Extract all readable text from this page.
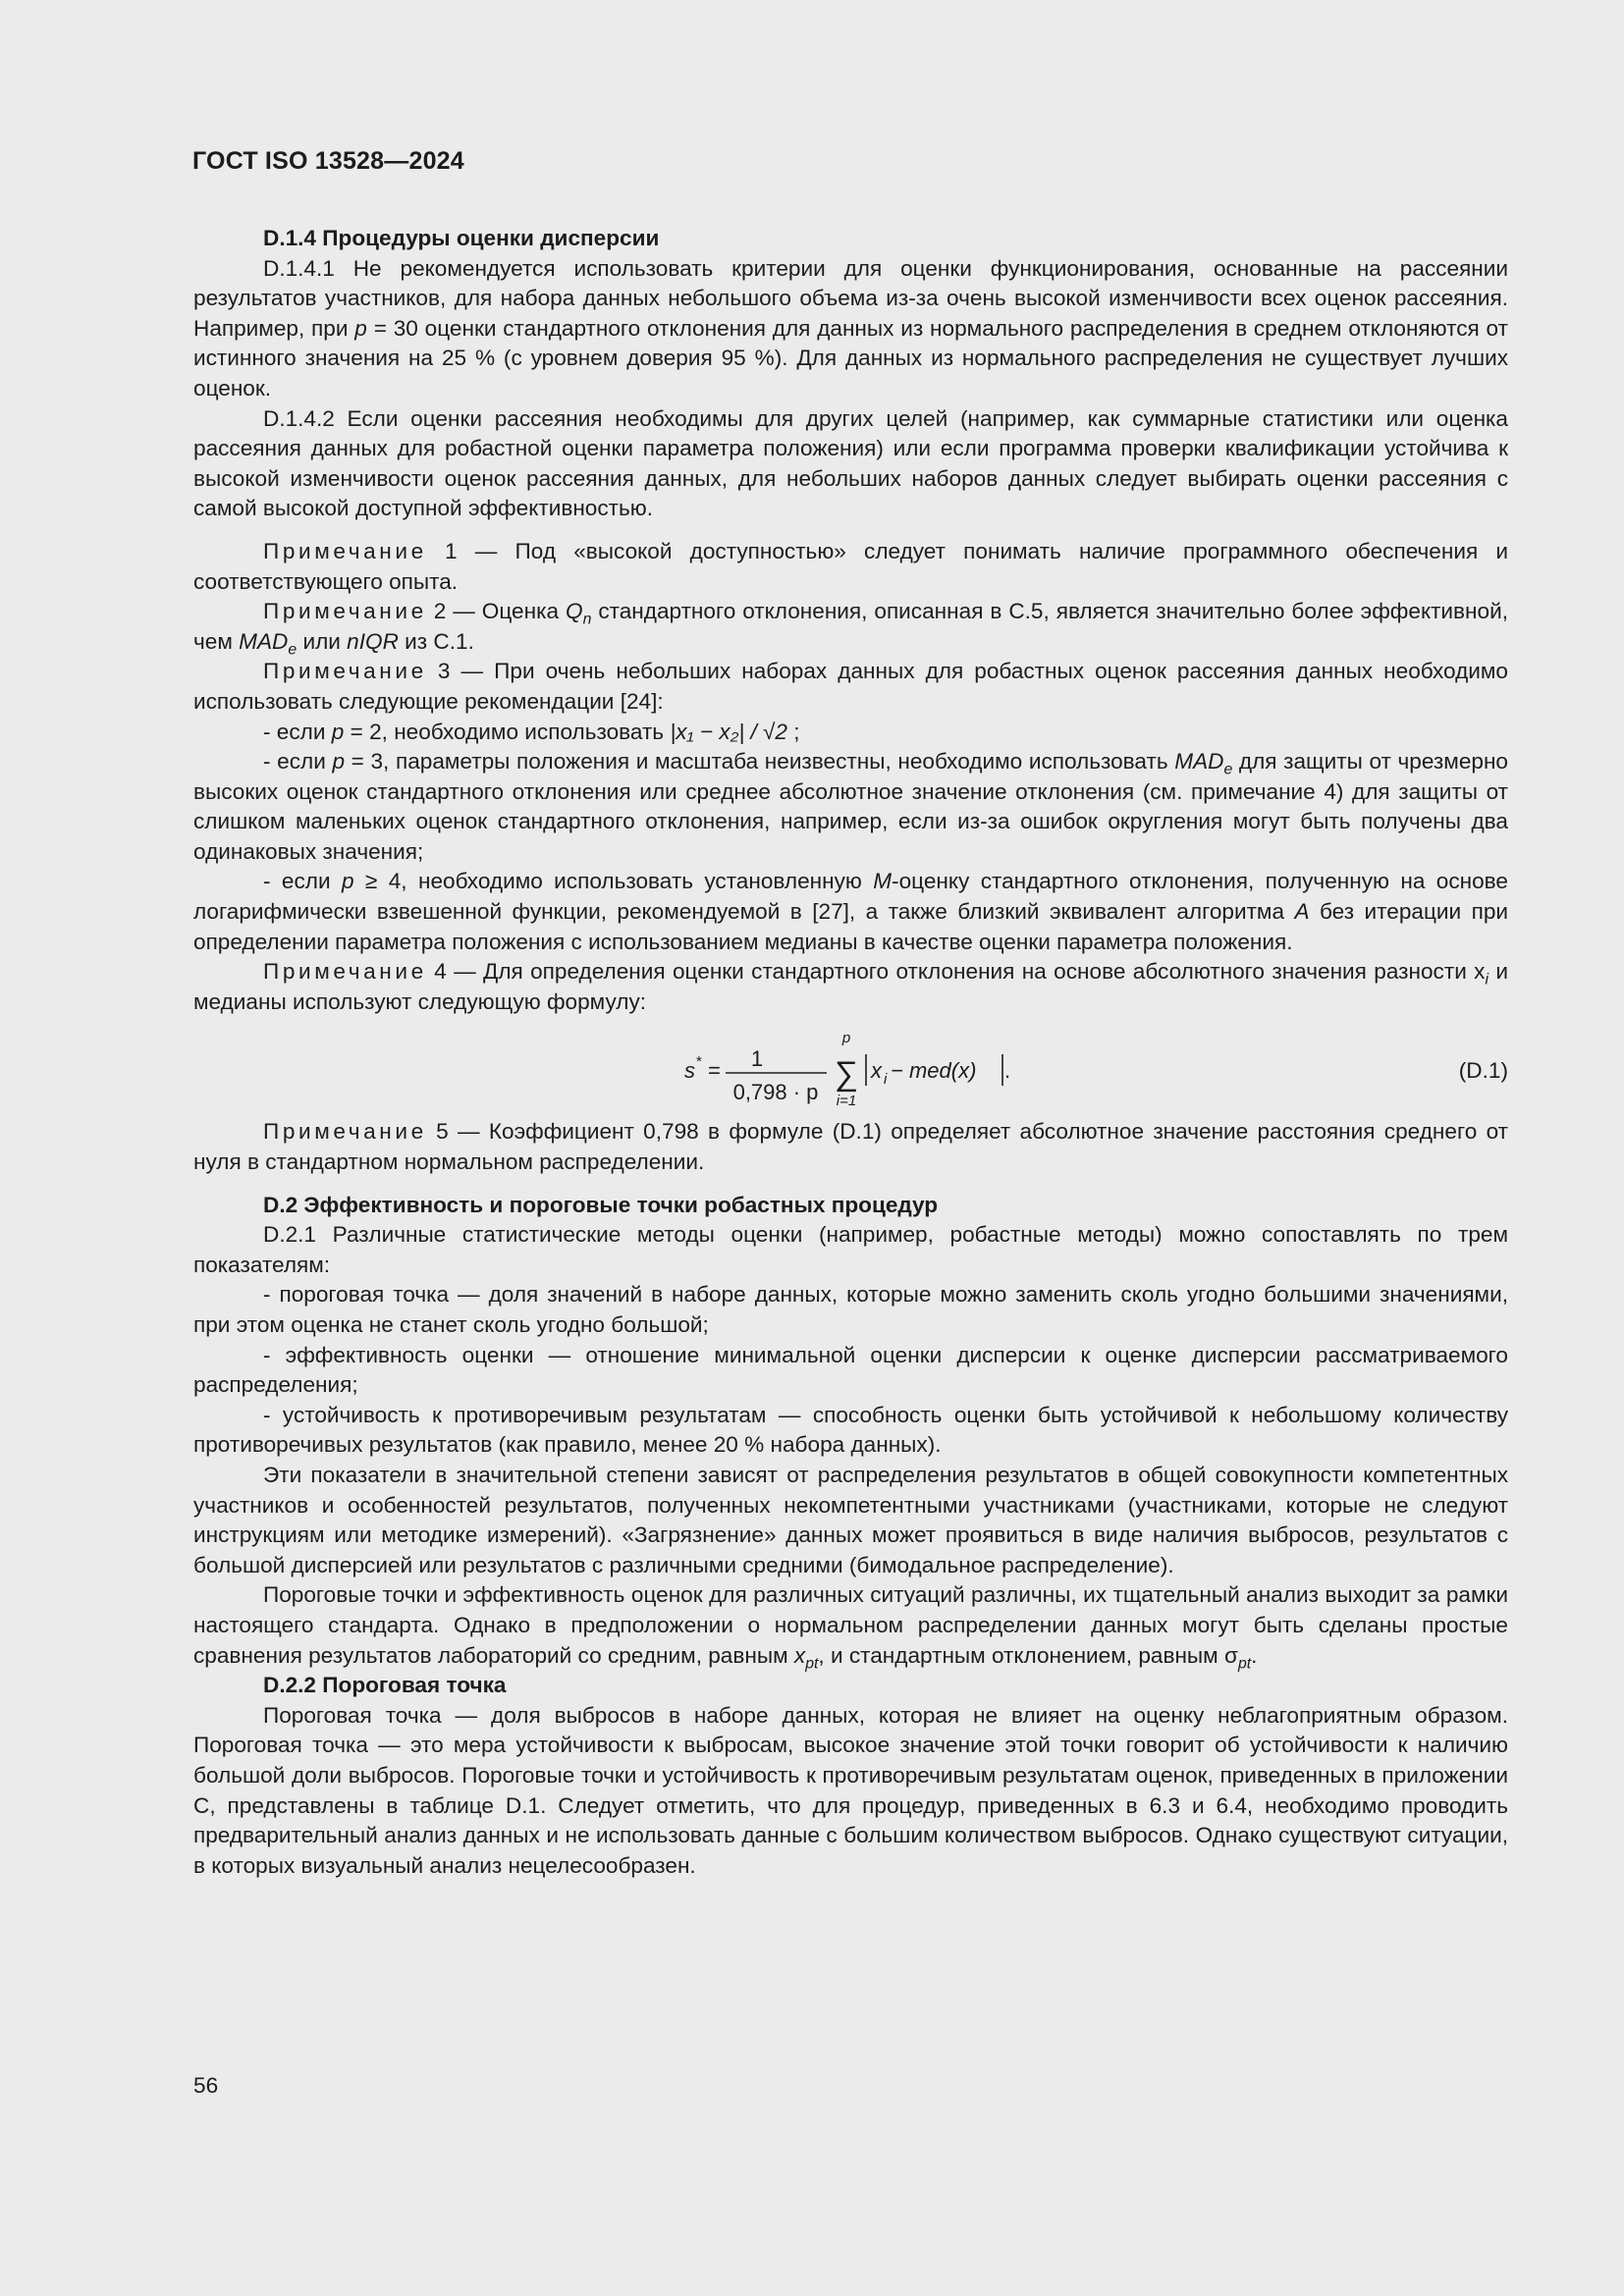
ГОСТ ISO 13528—2024

D.1.4 Процедуры оценки дисперсии

D.1.4.1 Не рекомендуется использовать критерии для оценки функционирования, основанные на рассеянии результатов участников, для набора данных небольшого объема из-за очень высокой изменчивости всех оценок рассеяния. Например, при p = 30 оценки стандартного отклонения для данных из нормального распределения в среднем отклоняются от истинного значения на 25 % (с уровнем доверия 95 %). Для данных из нормального распределения не существует лучших оценок.

D.1.4.2 Если оценки рассеяния необходимы для других целей (например, как суммарные статистики или оценка рассеяния данных для робастной оценки параметра положения) или если программа проверки квалификации устойчива к высокой изменчивости оценок рассеяния данных, для небольших наборов данных следует выбирать оценки рассеяния с самой высокой доступной эффективностью.

Примечание 1 — Под «высокой доступностью» следует понимать наличие программного обеспечения и соответствующего опыта.

Примечание 2 — Оценка $Q_n$ стандартного отклонения, описанная в C.5, является значительно более эффективной, чем $MAD_e$ или nIQR из C.1.

Примечание 3 — При очень небольших наборах данных для робастных оценок рассеяния данных необходимо использовать следующие рекомендации [24]:

- если p = 2, необходимо использовать |x₁ − x₂| / √2 ;

- если p = 3, параметры положения и масштаба неизвестны, необходимо использовать $MAD_e$ для защиты от чрезмерно высоких оценок стандартного отклонения или среднее абсолютное значение отклонения (см. примечание 4) для защиты от слишком маленьких оценок стандартного отклонения, например, если из-за ошибок округления могут быть получены два одинаковых значения;

- если p ≥ 4, необходимо использовать установленную M-оценку стандартного отклонения, полученную на основе логарифмически взвешенной функции, рекомендуемой в [27], а также близкий эквивалент алгоритма A без итерации при определении параметра положения с использованием медианы в качестве оценки параметра положения.

Примечание 4 — Для определения оценки стандартного отклонения на основе абсолютного значения разности $x_i$ и медианы используют следующую формулу:

s * = 1
0,798 · p
p
∑
i=1
x i − med(x) .	(D.1)

Примечание 5 — Коэффициент 0,798 в формуле (D.1) определяет абсолютное значение расстояния среднего от нуля в стандартном нормальном распределении.

D.2 Эффективность и пороговые точки робастных процедур

D.2.1 Различные статистические методы оценки (например, робастные методы) можно сопоставлять по трем показателям:

- пороговая точка — доля значений в наборе данных, которые можно заменить сколь угодно большими значениями, при этом оценка не станет сколь угодно большой;

- эффективность оценки — отношение минимальной оценки дисперсии к оценке дисперсии рассматриваемого распределения;

- устойчивость к противоречивым результатам — способность оценки быть устойчивой к небольшому количеству противоречивых результатов (как правило, менее 20 % набора данных).

Эти показатели в значительной степени зависят от распределения результатов в общей совокупности компетентных участников и особенностей результатов, полученных некомпетентными участниками (участниками, которые не следуют инструкциям или методике измерений). «Загрязнение» данных может проявиться в виде наличия выбросов, результатов с большой дисперсией или результатов с различными средними (бимодальное распределение).

Пороговые точки и эффективность оценок для различных ситуаций различны, их тщательный анализ выходит за рамки настоящего стандарта. Однако в предположении о нормальном распределении данных могут быть сделаны простые сравнения результатов лабораторий со средним, равным $x_{pt}$, и стандартным отклонением, равным $\sigma_{pt}$.

D.2.2 Пороговая точка

Пороговая точка — доля выбросов в наборе данных, которая не влияет на оценку неблагоприятным образом. Пороговая точка — это мера устойчивости к выбросам, высокое значение этой точки говорит об устойчивости к наличию большой доли выбросов. Пороговые точки и устойчивость к противоречивым результатам оценок, приведенных в приложении C, представлены в таблице D.1. Следует отметить, что для процедур, приведенных в 6.3 и 6.4, необходимо проводить предварительный анализ данных и не использовать данные с большим количеством выбросов. Однако существуют ситуации, в которых визуальный анализ нецелесообразен.

56
